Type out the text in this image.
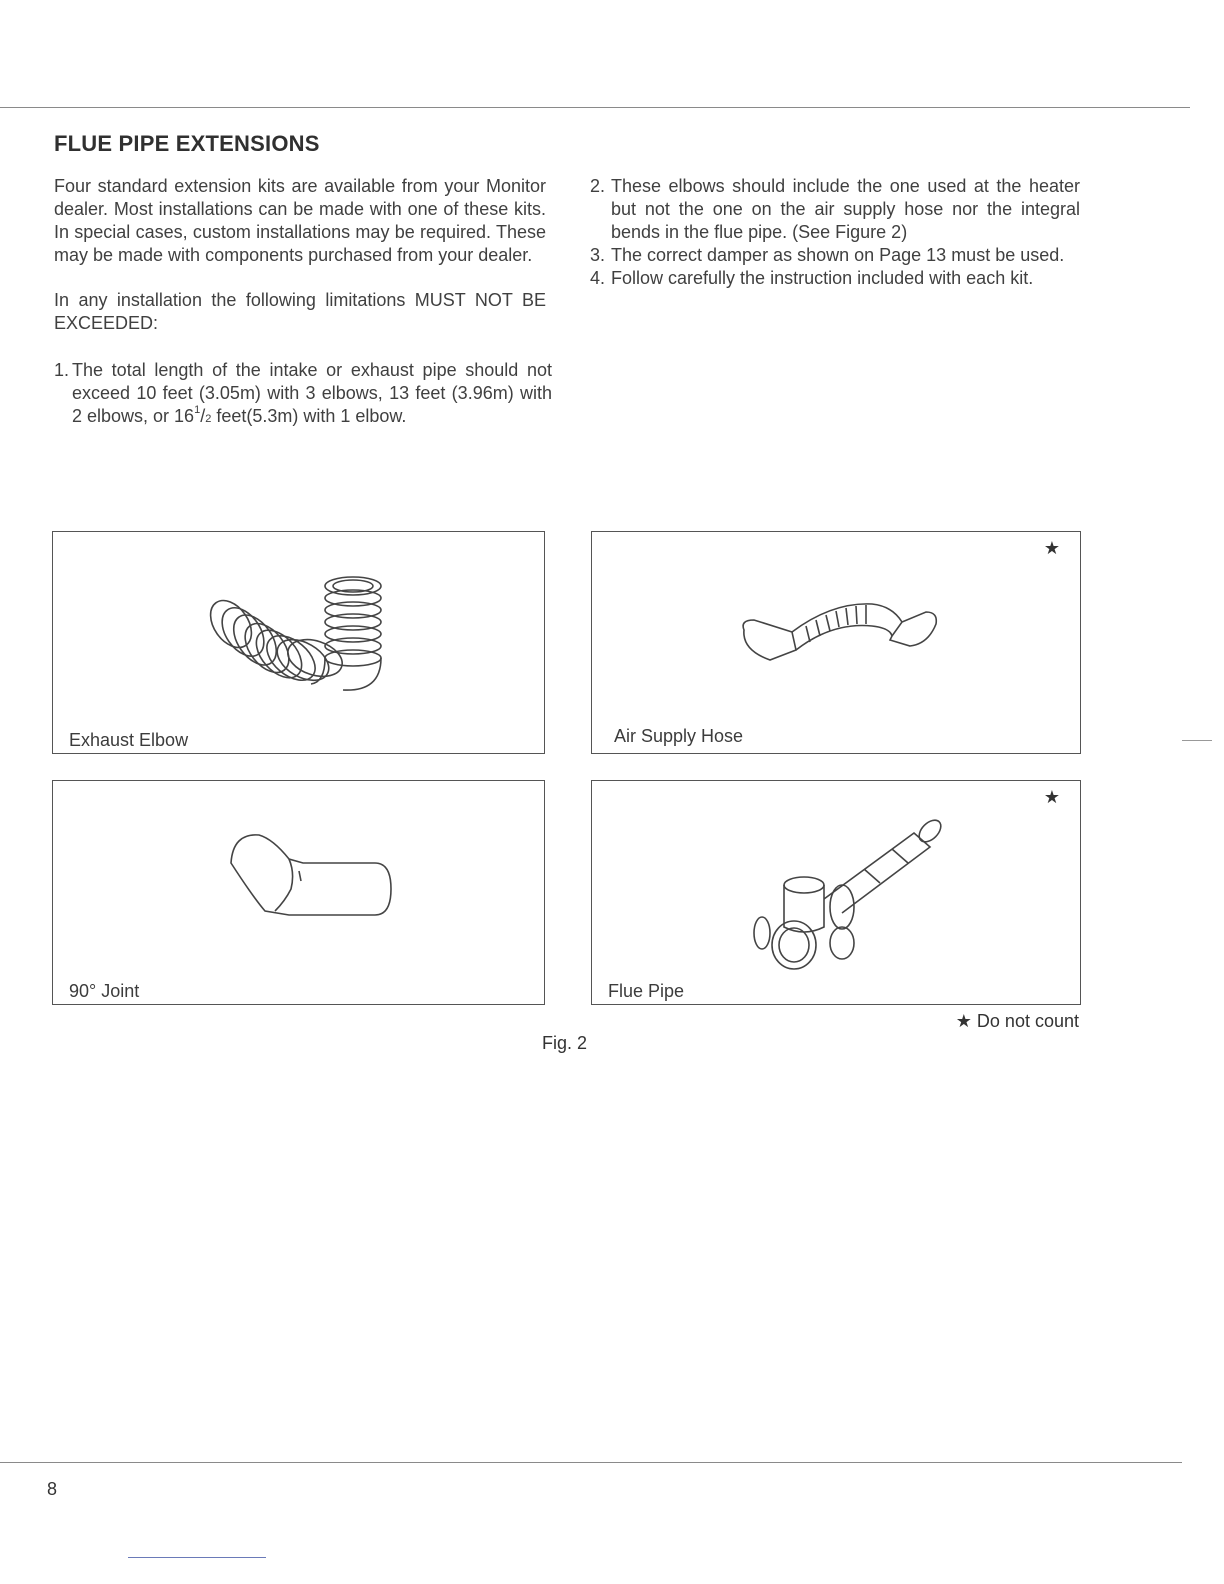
FLUE PIPE EXTENSIONS

Four standard extension kits are available from your Monitor dealer. Most installations can be made with one of these kits. In special cases, custom installations may be required. These may be made with components purchased from your dealer.

In any installation the following limitations MUST NOT BE EXCEEDED:

1. The total length of the intake or exhaust pipe should not exceed 10 feet (3.05m) with 3 elbows, 13 feet (3.96m) with 2 elbows, or $16^1/2$ feet(5.3m) with 1 elbow.
2. These elbows should include the one used at the heater but not the one on the air supply hose nor the integral bends in the flue pipe. (See Figure 2)
3. The correct damper as shown on Page 13 must be used.
4. Follow carefully the instruction included with each kit.
Exhaust Elbow
★
Air Supply Hose
90° Joint
★
Flue Pipe
★ Do not count
Fig. 2
8
